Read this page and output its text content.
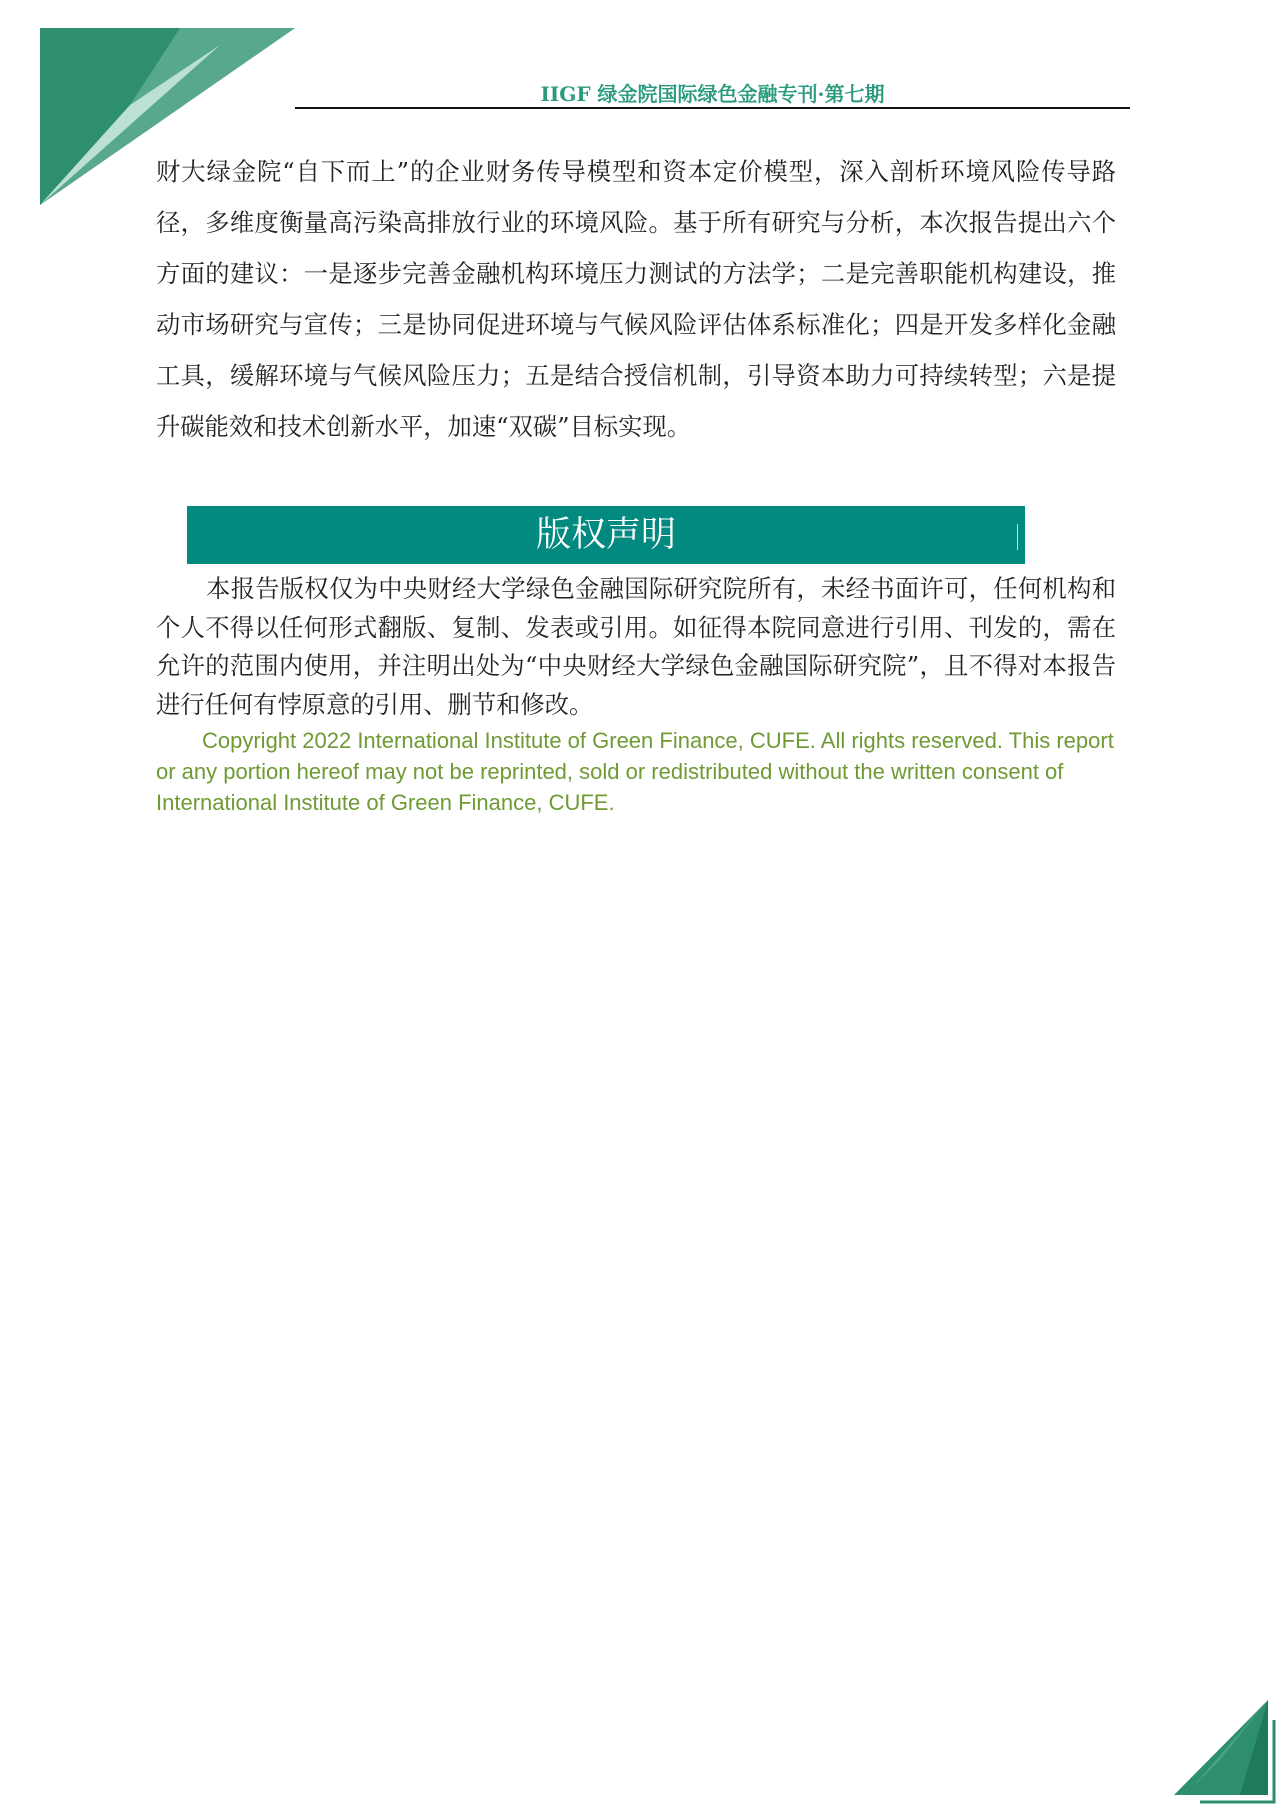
IIGF 绿金院国际绿色金融专刊·第七期

财大绿金院“自下而上”的企业财务传导模型和资本定价模型，深入剖析环境风险传导路径，多维度衡量高污染高排放行业的环境风险。基于所有研究与分析，本次报告提出六个方面的建议：一是逐步完善金融机构环境压力测试的方法学；二是完善职能机构建设，推动市场研究与宣传；三是协同促进环境与气候风险评估体系标准化；四是开发多样化金融工具，缓解环境与气候风险压力；五是结合授信机制，引导资本助力可持续转型；六是提升碳能效和技术创新水平，加速“双碳”目标实现。

版权声明

本报告版权仅为中央财经大学绿色金融国际研究院所有，未经书面许可，任何机构和个人不得以任何形式翻版、复制、发表或引用。如征得本院同意进行引用、刊发的，需在允许的范围内使用，并注明出处为“中央财经大学绿色金融国际研究院”，且不得对本报告进行任何有悖原意的引用、删节和修改。

Copyright 2022 International Institute of Green Finance, CUFE. All rights reserved. This report or any portion hereof may not be reprinted, sold or redistributed without the written consent of International Institute of Green Finance, CUFE.
